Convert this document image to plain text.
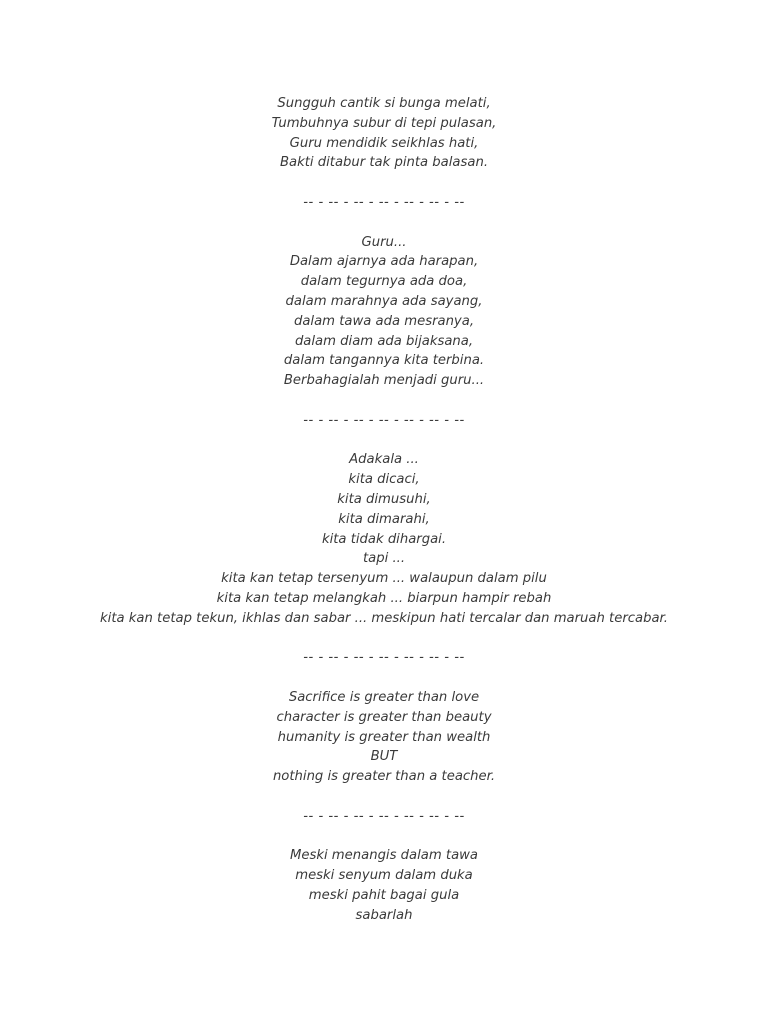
Sungguh cantik si bunga melati,
Tumbuhnya subur di tepi pulasan,
Guru mendidik seikhlas hati,
Bakti ditabur tak pinta balasan.
-- - -- - -- - -- - -- - -- - --
Guru...
Dalam ajarnya ada harapan,
dalam tegurnya ada doa,
dalam marahnya ada sayang,
dalam tawa ada mesranya,
dalam diam ada bijaksana,
dalam tangannya kita terbina.
Berbahagialah menjadi guru...
-- - -- - -- - -- - -- - -- - --
Adakala ...
kita dicaci,
kita dimusuhi,
kita dimarahi,
kita tidak dihargai.
tapi ...
kita kan tetap tersenyum ... walaupun dalam pilu
kita kan tetap melangkah ... biarpun hampir rebah
kita kan tetap tekun, ikhlas dan sabar ... meskipun hati tercalar dan maruah tercabar.
-- - -- - -- - -- - -- - -- - --
Sacrifice is greater than love
character is greater than beauty
humanity is greater than wealth
BUT
nothing is greater than a teacher.
-- - -- - -- - -- - -- - -- - --
Meski menangis dalam tawa
meski senyum dalam duka
meski pahit bagai gula
sabarlah
